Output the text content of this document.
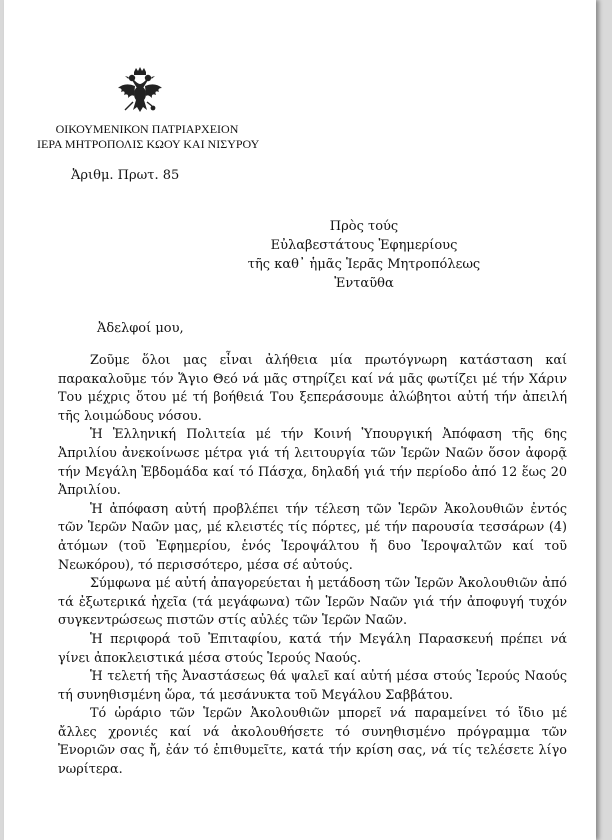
ΟΙΚΟΥΜΕΝΙΚΟΝ ΠΑΤΡΙΑΡΧΕΙΟΝ
ΙΕΡΑ ΜΗΤΡΟΠΟΛΙΣ ΚΩΟΥ ΚΑΙ ΝΙΣΥΡΟΥ
Ἀριθμ. Πρωτ. 85
Πρὸς τούς
Εὐλαβεστάτους Ἐφημερίους
τῆς καθ᾽ ἡμᾶς Ἱερᾶς Μητροπόλεως
Ἐνταῦθα
Ἀδελφοί μου,

Ζοῦμε ὅλοι μας εἶναι ἀλήθεια μία πρωτόγνωρη κατάσταση καί παρακαλοῦμε τόν Ἅγιο Θεό νά μᾶς στηρίζει καί νά μᾶς φωτίζει μέ τήν Χάριν Του μέχρις ὅτου μέ τή βοήθειά Του ξεπεράσουμε ἀλώβητοι αὐτή τήν ἀπειλή τῆς λοιμώδους νόσου.

Ἡ Ἑλληνική Πολιτεία μέ τήν Κοινή Ὑπουργική Ἀπόφαση τῆς 6ης Ἀπριλίου ἀνεκοίνωσε μέτρα γιά τή λειτουργία τῶν Ἱερῶν Ναῶν ὅσον ἀφορᾷ τήν Μεγάλη Ἑβδομάδα καί τό Πάσχα, δηλαδή γιά τήν περίοδο ἀπό 12 ἕως 20 Ἀπριλίου.

Ἡ ἀπόφαση αὐτή προβλέπει τήν τέλεση τῶν Ἱερῶν Ἀκολουθιῶν ἐντός τῶν Ἱερῶν Ναῶν μας, μέ κλειστές τίς πόρτες, μέ τήν παρουσία τεσσάρων (4) ἀτόμων (τοῦ Ἐφημερίου, ἑνός Ἱεροψάλτου ἤ δυο Ἱεροψαλτῶν καί τοῦ Νεωκόρου), τό περισσότερο, μέσα σέ αὐτούς.

Σύμφωνα μέ αὐτή ἀπαγορεύεται ἡ μετάδοση τῶν Ἱερῶν Ἀκολουθιῶν ἀπό τά ἐξωτερικά ἠχεῖα (τά μεγάφωνα) τῶν Ἱερῶν Ναῶν γιά τήν ἀποφυγή τυχόν συγκεντρώσεως πιστῶν στίς αὐλές τῶν Ἱερῶν Ναῶν.

Ἡ περιφορά τοῦ Ἐπιταφίου, κατά τήν Μεγάλη Παρασκευή πρέπει νά γίνει ἀποκλειστικά μέσα στούς Ἱερούς Ναούς.

Ἡ τελετή τῆς Ἀναστάσεως θά ψαλεῖ καί αὐτή μέσα στούς Ἱερούς Ναούς τή συνηθισμένη ὥρα, τά μεσάνυκτα τοῦ Μεγάλου Σαββάτου.

Τό ὡράριο τῶν Ἱερῶν Ἀκολουθιῶν μπορεῖ νά παραμείνει τό ἴδιο μέ ἄλλες χρονιές καί νά ἀκολουθήσετε τό συνηθισμένο πρόγραμμα τῶν Ἐνοριῶν σας ἤ, ἐάν τό ἐπιθυμεῖτε, κατά τήν κρίση σας, νά τίς τελέσετε λίγο νωρίτερα.
